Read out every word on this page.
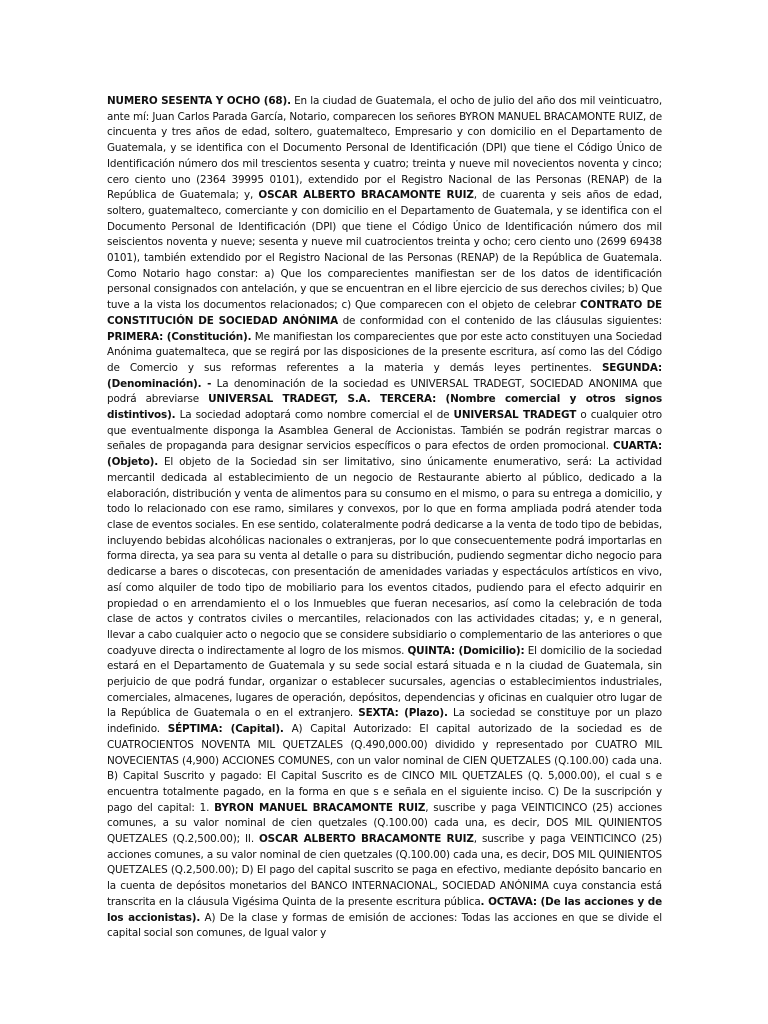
NUMERO SESENTA Y OCHO (68). En la ciudad de Guatemala, el ocho de julio del año dos mil veinticuatro, ante mí: Juan Carlos Parada García, Notario, comparecen los señores BYRON MANUEL BRACAMONTE RUIZ, de cincuenta y tres años de edad, soltero, guatemalteco, Empresario y con domicilio en el Departamento de Guatemala, y se identifica con el Documento Personal de Identificación (DPI) que tiene el Código Único de Identificación número dos mil trescientos sesenta y cuatro; treinta y nueve mil novecientos noventa y cinco; cero ciento uno (2364 39995 0101), extendido por el Registro Nacional de las Personas (RENAP) de la República de Guatemala; y, OSCAR ALBERTO BRACAMONTE RUIZ, de cuarenta y seis años de edad, soltero, guatemalteco, comerciante y con domicilio en el Departamento de Guatemala, y se identifica con el Documento Personal de Identificación (DPI) que tiene el Código Único de Identificación número dos mil seiscientos noventa y nueve; sesenta y nueve mil cuatrocientos treinta y ocho; cero ciento uno (2699 69438 0101), también extendido por el Registro Nacional de las Personas (RENAP) de la República de Guatemala. Como Notario hago constar: a) Que los comparecientes manifiestan ser de los datos de identificación personal consignados con antelación, y que se encuentran en el libre ejercicio de sus derechos civiles; b) Que tuve a la vista los documentos relacionados; c) Que comparecen con el objeto de celebrar CONTRATO DE CONSTITUCIÓN DE SOCIEDAD ANÓNIMA de conformidad con el contenido de las cláusulas siguientes: PRIMERA: (Constitución). Me manifiestan los comparecientes que por este acto constituyen una Sociedad Anónima guatemalteca, que se regirá por las disposiciones de la presente escritura, así como las del Código de Comercio y sus reformas referentes a la materia y demás leyes pertinentes. SEGUNDA: (Denominación). - La denominación de la sociedad es UNIVERSAL TRADEGT, SOCIEDAD ANONIMA que podrá abreviarse UNIVERSAL TRADEGT, S.A. TERCERA: (Nombre comercial y otros signos distintivos). La sociedad adoptará como nombre comercial el de UNIVERSAL TRADEGT o cualquier otro que eventualmente disponga la Asamblea General de Accionistas. También se podrán registrar marcas o señales de propaganda para designar servicios específicos o para efectos de orden promocional. CUARTA: (Objeto). El objeto de la Sociedad sin ser limitativo, sino únicamente enumerativo, será: La actividad mercantil dedicada al establecimiento de un negocio de Restaurante abierto al público, dedicado a la elaboración, distribución y venta de alimentos para su consumo en el mismo, o para su entrega a domicilio, y todo lo relacionado con ese ramo, similares y convexos, por lo que en forma ampliada podrá atender toda clase de eventos sociales. En ese sentido, colateralmente podrá dedicarse a la venta de todo tipo de bebidas, incluyendo bebidas alcohólicas nacionales o extranjeras, por lo que consecuentemente podrá importarlas en forma directa, ya sea para su venta al detalle o para su distribución, pudiendo segmentar dicho negocio para dedicarse a bares o discotecas, con presentación de amenidades variadas y espectáculos artísticos en vivo, así como alquiler de todo tipo de mobiliario para los eventos citados, pudiendo para el efecto adquirir en propiedad o en arrendamiento el o los Inmuebles que fueran necesarios, así como la celebración de toda clase de actos y contratos civiles o mercantiles, relacionados con las actividades citadas; y, e n general, llevar a cabo cualquier acto o negocio que se considere subsidiario o complementario de las anteriores o que coadyuve directa o indirectamente al logro de los mismos. QUINTA: (Domicilio): El domicilio de la sociedad estará en el Departamento de Guatemala y su sede social estará situada e n la ciudad de Guatemala, sin perjuicio de que podrá fundar, organizar o establecer sucursales, agencias o establecimientos industriales, comerciales, almacenes, lugares de operación, depósitos, dependencias y oficinas en cualquier otro lugar de la República de Guatemala o en el extranjero. SEXTA: (Plazo). La sociedad se constituye por un plazo indefinido. SÉPTIMA: (Capital). A) Capital Autorizado: El capital autorizado de la sociedad es de CUATROCIENTOS NOVENTA MIL QUETZALES (Q.490,000.00) dividido y representado por CUATRO MIL NOVECIENTAS (4,900) ACCIONES COMUNES, con un valor nominal de CIEN QUETZALES (Q.100.00) cada una. B) Capital Suscrito y pagado: El Capital Suscrito es de CINCO MIL QUETZALES (Q. 5,000.00), el cual s e encuentra totalmente pagado, en la forma en que s e señala en el siguiente inciso. C) De la suscripción y pago del capital: 1. BYRON MANUEL BRACAMONTE RUIZ, suscribe y paga VEINTICINCO (25) acciones comunes, a su valor nominal de cien quetzales (Q.100.00) cada una, es decir, DOS MIL QUINIENTOS QUETZALES (Q.2,500.00); II. OSCAR ALBERTO BRACAMONTE RUIZ, suscribe y paga VEINTICINCO (25) acciones comunes, a su valor nominal de cien quetzales (Q.100.00) cada una, es decir, DOS MIL QUINIENTOS QUETZALES (Q.2,500.00); D) El pago del capital suscrito se paga en efectivo, mediante depósito bancario en la cuenta de depósitos monetarios del BANCO INTERNACIONAL, SOCIEDAD ANÓNIMA cuya constancia está transcrita en la cláusula Vigésima Quinta de la presente escritura pública. OCTAVA: (De las acciones y de los accionistas). A) De la clase y formas de emisión de acciones: Todas las acciones en que se divide el capital social son comunes, de Igual valor y
